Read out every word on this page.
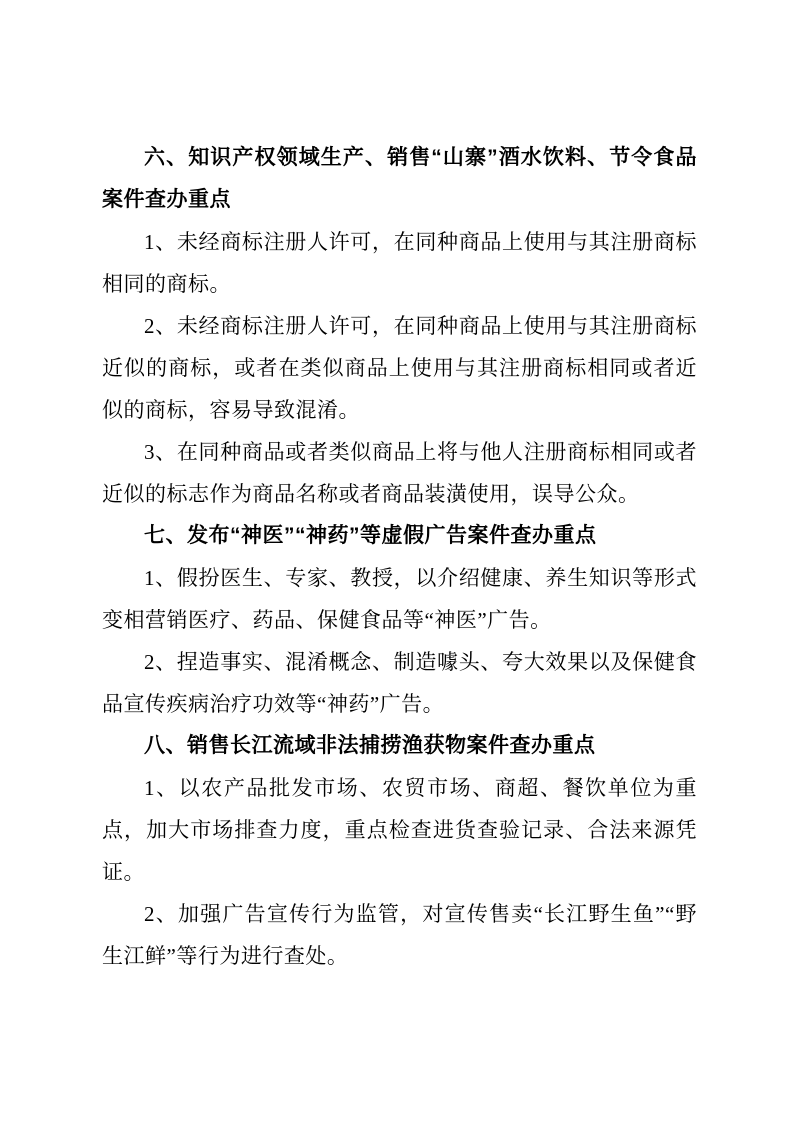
六、知识产权领域生产、销售“山寨”酒水饮料、节令食品案件查办重点

1、未经商标注册人许可，在同种商品上使用与其注册商标相同的商标。

2、未经商标注册人许可，在同种商品上使用与其注册商标近似的商标，或者在类似商品上使用与其注册商标相同或者近似的商标，容易导致混淆。

3、在同种商品或者类似商品上将与他人注册商标相同或者近似的标志作为商品名称或者商品装潢使用，误导公众。

七、发布“神医”“神药”等虚假广告案件查办重点

1、假扮医生、专家、教授，以介绍健康、养生知识等形式变相营销医疗、药品、保健食品等“神医”广告。

2、捏造事实、混淆概念、制造噱头、夸大效果以及保健食品宣传疾病治疗功效等“神药”广告。

八、销售长江流域非法捕捞渔获物案件查办重点

1、以农产品批发市场、农贸市场、商超、餐饮单位为重点，加大市场排查力度，重点检查进货查验记录、合法来源凭证。

2、加强广告宣传行为监管，对宣传售卖“长江野生鱼”“野生江鲜”等行为进行查处。
